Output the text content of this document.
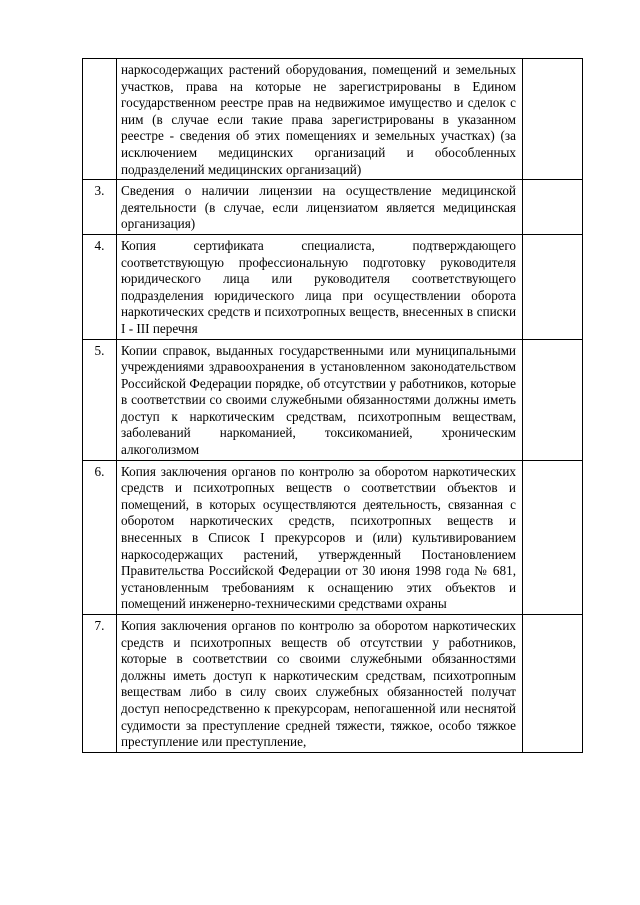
	наркосодержащих растений оборудования, помещений и земельных участков, права на которые не зарегистрированы в Едином государственном реестре прав на недвижимое имущество и сделок с ним (в случае если такие права зарегистрированы в указанном реестре - сведения об этих помещениях и земельных участках) (за исключением медицинских организаций и обособленных подразделений медицинских организаций)	
3.	Сведения о наличии лицензии на осуществление медицинской деятельности (в случае, если лицензиатом является медицинская организация)	
4.	Копия сертификата специалиста, подтверждающего соответствующую профессиональную подготовку руководителя юридического лица или руководителя соответствующего подразделения юридического лица при осуществлении оборота наркотических средств и психотропных веществ, внесенных в списки I - III перечня	
5.	Копии справок, выданных государственными или муниципальными учреждениями здравоохранения в установленном законодательством Российской Федерации порядке, об отсутствии у работников, которые в соответствии со своими служебными обязанностями должны иметь доступ к наркотическим средствам, психотропным веществам, заболеваний наркоманией, токсикоманией, хроническим алкоголизмом	
6.	Копия заключения органов по контролю за оборотом наркотических средств и психотропных веществ о соответствии объектов и помещений, в которых осуществляются деятельность, связанная с оборотом наркотических средств, психотропных веществ и внесенных в Список I прекурсоров и (или) культивированием наркосодержащих растений, утвержденный Постановлением Правительства Российской Федерации от 30 июня 1998 года № 681, установленным требованиям к оснащению этих объектов и помещений инженерно-техническими средствами охраны	
7.	Копия заключения органов по контролю за оборотом наркотических средств и психотропных веществ об отсутствии у работников, которые в соответствии со своими служебными обязанностями должны иметь доступ к наркотическим средствам, психотропным веществам либо в силу своих служебных обязанностей получат доступ непосредственно к прекурсорам, непогашенной или неснятой судимости за преступление средней тяжести, тяжкое, особо тяжкое преступление или преступление,	
